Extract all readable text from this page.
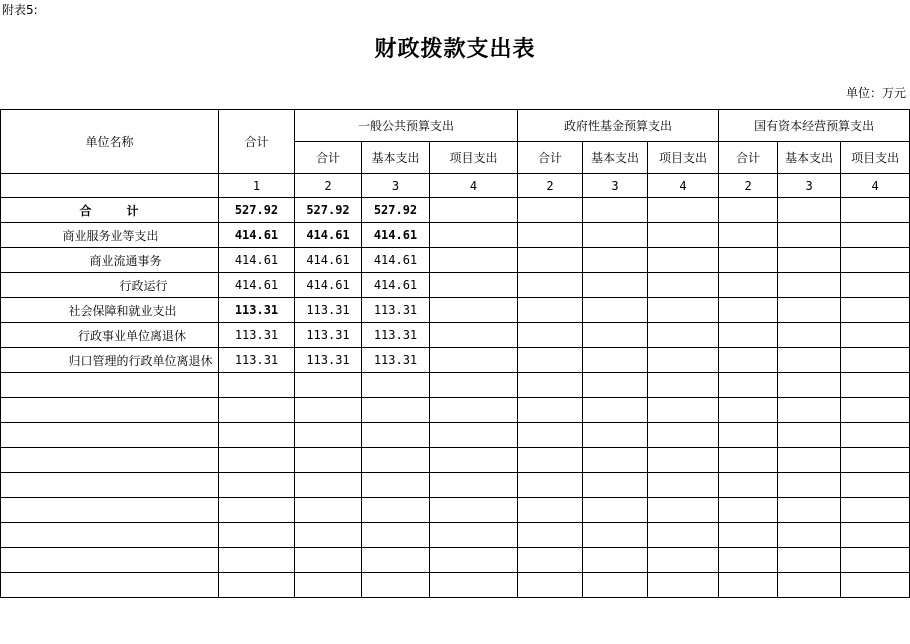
附表5:
财政拨款支出表
单位：万元
单位名称	合计	一般公共预算支出			政府性基金预算支出			国有资本经营预算支出		
		合计	基本支出	项目支出	合计	基本支出	项目支出	合计	基本支出	项目支出
	1	2	3	4	2	3	4	2	3	4
合 计	527.92	527.92	527.92							
商业服务业等支出	414.61	414.61	414.61							
商业流通事务	414.61	414.61	414.61							
行政运行	414.61	414.61	414.61							
社会保障和就业支出	113.31	113.31	113.31							
行政事业单位离退休	113.31	113.31	113.31							
归口管理的行政单位离退休	113.31	113.31	113.31							
